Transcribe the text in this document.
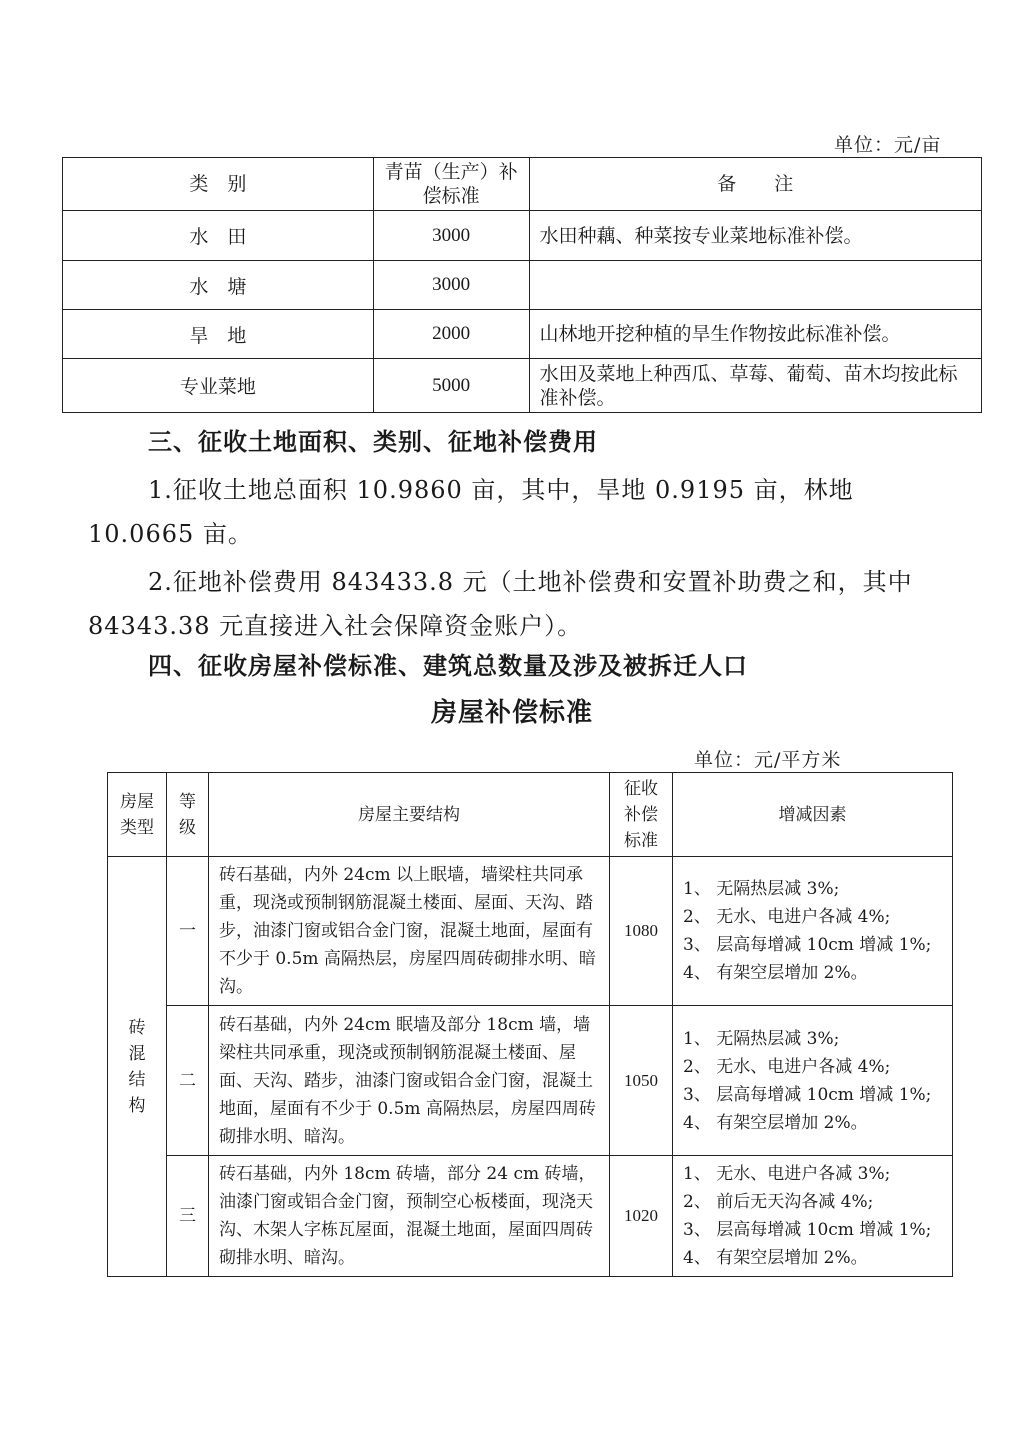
单位：元/亩
类　别	青苗（生产）补偿标准	备　　注
水　田	3000	水田种藕、种菜按专业菜地标准补偿。
水　塘	3000	
旱　地	2000	山林地开挖种植的旱生作物按此标准补偿。
专业菜地	5000	水田及菜地上种西瓜、草莓、葡萄、苗木均按此标准补偿。
三、征收土地面积、类别、征地补偿费用
1.征收土地总面积 10.9860 亩，其中，旱地 0.9195 亩，林地 10.0665 亩。
2.征地补偿费用 843433.8 元（土地补偿费和安置补助费之和，其中 84343.38 元直接进入社会保障资金账户）。
四、征收房屋补偿标准、建筑总数量及涉及被拆迁人口
房屋补偿标准
单位：元/平方米
房屋类型	等级	房屋主要结构	征收补偿标准	增减因素
砖混结构	一	砖石基础，内外 24cm 以上眠墙，墙梁柱共同承重，现浇或预制钢筋混凝土楼面、屋面、天沟、踏步，油漆门窗或铝合金门窗，混凝土地面，屋面有不少于 0.5m 高隔热层，房屋四周砖砌排水明、暗沟。	1080	1、 无隔热层减 3%;
2、 无水、电进户各减 4%;
3、 层高每增减 10cm 增减 1%;
4、 有架空层增加 2%。

	二	砖石基础，内外 24cm 眠墙及部分 18cm 墙，墙梁柱共同承重，现浇或预制钢筋混凝土楼面、屋面、天沟、踏步，油漆门窗或铝合金门窗，混凝土地面，屋面有不少于 0.5m 高隔热层，房屋四周砖砌排水明、暗沟。	1050	1、 无隔热层减 3%;
2、 无水、电进户各减 4%;
3、 层高每增减 10cm 增减 1%;
4、 有架空层增加 2%。

	三	砖石基础，内外 18cm 砖墙，部分 24 cm 砖墙，油漆门窗或铝合金门窗，预制空心板楼面，现浇天沟、木架人字栋瓦屋面，混凝土地面，屋面四周砖砌排水明、暗沟。	1020	1、 无水、电进户各减 3%;
2、 前后无天沟各减 4%;
3、 层高每增减 10cm 增减 1%;
4、 有架空层增加 2%。
